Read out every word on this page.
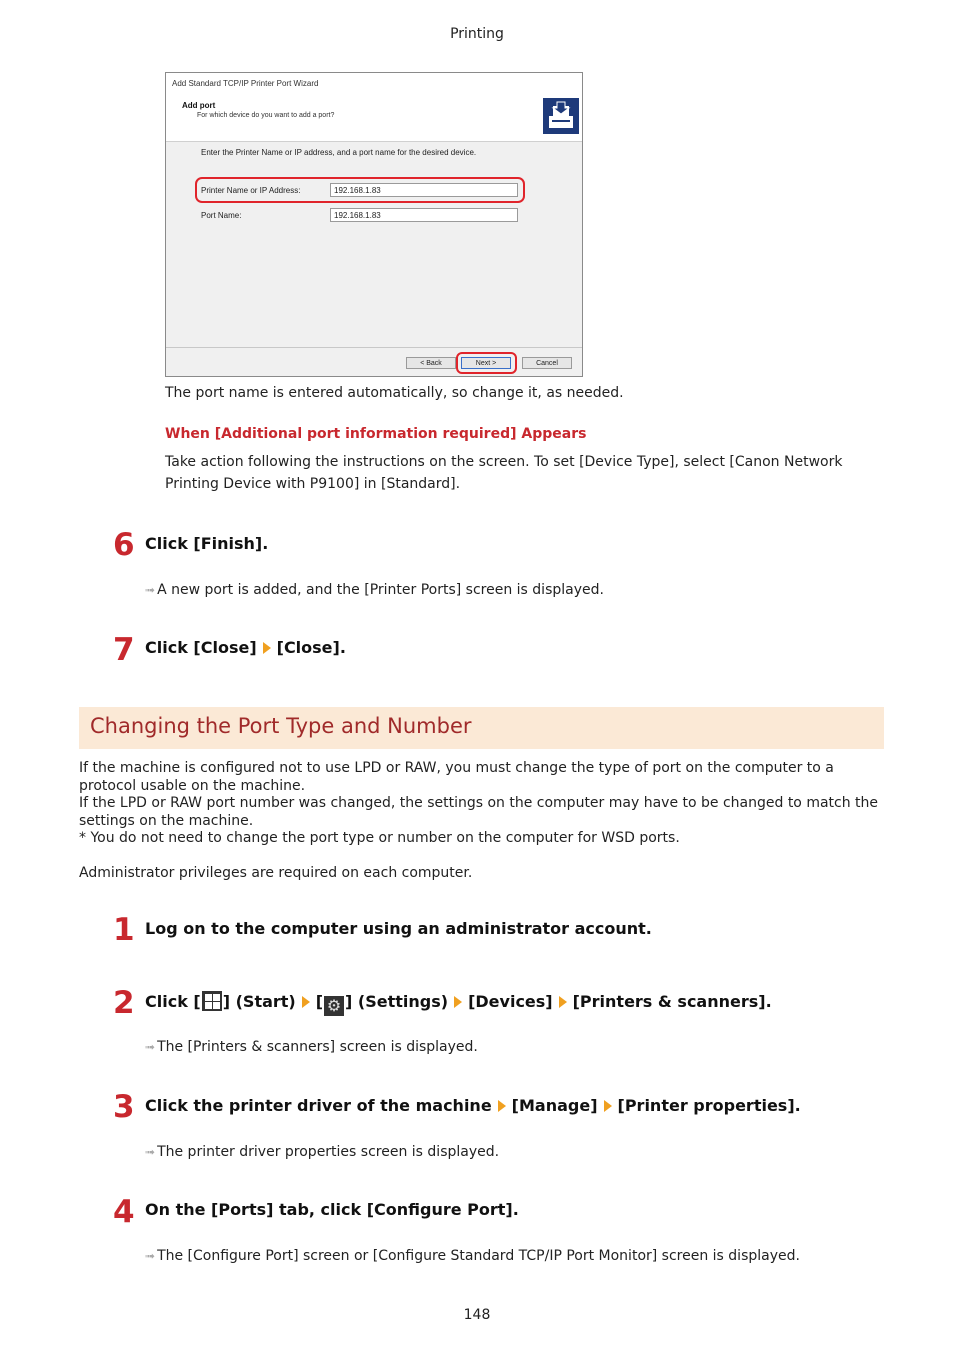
Printing
Add Standard TCP/IP Printer Port Wizard
Add port
For which device do you want to add a port?
Enter the Printer Name or IP address, and a port name for the desired device.
Printer Name or IP Address:	192.168.1.83
Port Name:	192.168.1.83
< Back	Next >	Cancel
The port name is entered automatically, so change it, as needed.
When [Additional port information required] Appears
Take action following the instructions on the screen. To set [Device Type], select [Canon Network Printing Device with P9100] in [Standard].
6 Click [Finish].
➟ A new port is added, and the [Printer Ports] screen is displayed.
7 Click [Close] [Close].
Changing the Port Type and Number
If the machine is configured not to use LPD or RAW, you must change the type of port on the computer to a protocol usable on the machine.
If the LPD or RAW port number was changed, the settings on the computer may have to be changed to match the settings on the machine.
* You do not need to change the port type or number on the computer for WSD ports.
Administrator privileges are required on each computer.
1 Log on to the computer using an administrator account.
2 Click [ ] (Start) [ ⚙ ] (Settings) [Devices] [Printers & scanners].
➟ The [Printers & scanners] screen is displayed.
3 Click the printer driver of the machine [Manage] [Printer properties].
➟ The printer driver properties screen is displayed.
4 On the [Ports] tab, click [Configure Port].
➟ The [Configure Port] screen or [Configure Standard TCP/IP Port Monitor] screen is displayed.
148
